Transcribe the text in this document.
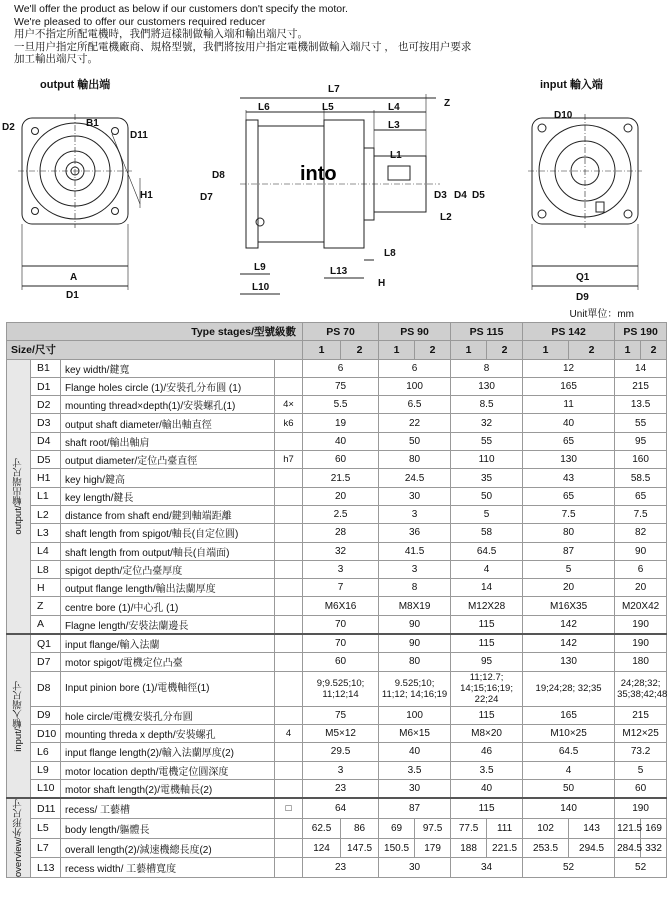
We'll offer the product as below if our customers don't specify the motor.
We're pleased to offer our customers required reducer
用户不指定所配電機時，我們將這樣制做輸入端和輸出端尺寸。
一旦用户指定所配電機廠商、規格型號，我們將按用户指定電機制做輸入端尺寸 ， 也可按用户要求
加工輸出端尺寸。
output 輸出端	input 輸入端
into
D2	B1
D11
H1
A
D1
L7
L6	L5	L4
L3
Z
L1
D7
D8
D3 D4 D5
L2
L8
L9
L10
L13
H
D10
Q1
D9
Unit單位：mm
Type stages/型號級數				PS 70		PS 90		PS 115		PS 142		PS 190	
Size/尺寸				1	2	1	2	1	2	1	2	1	2

output/輸出端尺寸	B1	key width/鍵寬		6		6		8		12		14	
	D1	Flange holes circle (1)/安裝孔分布圓 (1)		75		100		130		165		215	
	D2	mounting thread×depth(1)/安裝螺孔(1)	4×	5.5		6.5		8.5		11		13.5	
	D3	output shaft diameter/輸出軸直徑	k6	19		22		32		40		55	
	D4	shaft root/輸出軸肩		40		50		55		65		95	
	D5	output diameter/定位凸臺直徑	h7	60		80		110		130		160	
	H1	key high/鍵高		21.5		24.5		35		43		58.5	
	L1	key length/鍵長		20		30		50		65		65	
	L2	distance from shaft end/鍵到軸端距離		2.5		3		5		7.5		7.5	
	L3	shaft length from spigot/軸長(自定位圓)		28		36		58		80		82	
	L4	shaft length from output/軸長(自端面)		32		41.5		64.5		87		90	
	L8	spigot depth/定位凸臺厚度		3		3		4		5		6	
	H	output flange length/輸出法蘭厚度		7		8		14		20		20	
	Z	centre bore (1)/中心孔 (1)		M6X16		M8X19		M12X28		M16X35		M20X42	
	A	Flagne length/安裝法蘭邊長		70		90		115		142		190	

input/輸入端尺寸	Q1	input flange/輸入法蘭		70		90		115		142		190	
	D7	motor spigot/電機定位凸臺		60		80		95		130		180	
	D8	Input pinion bore (1)/電機軸徑(1)		9;9.525;10; 11;12;14		9.525;10; 11;12; 14;16;19		11;12.7; 14;15;16;19; 22;24		19;24;28; 32;35		24;28;32; 35;38;42;48	
	D9	hole circle/電機安裝孔分布圓		75		100		115		165		215	
	D10	mounting threda x depth/安裝螺孔	4	M5×12		M6×15		M8×20		M10×25		M12×25	
	L6	input flange length(2)/輸入法蘭厚度(2)		29.5		40		46		64.5		73.2	
	L9	motor location depth/電機定位圓深度		3		3.5		3.5		4		5	
	L10	motor shaft length(2)/電機軸長(2)		23		30		40		50		60	

overview/外形尺寸	D11	recess/ 工藝槽	□	64		87		115		140		190	
	L5	body length/軀體長		62.5	86	69	97.5	77.5	111	102	143	121.5	169
	L7	overall length(2)/減速機總長度(2)		124	147.5	150.5	179	188	221.5	253.5	294.5	284.5	332
	L13	recess width/ 工藝槽寬度		23		30		34		52		52	
